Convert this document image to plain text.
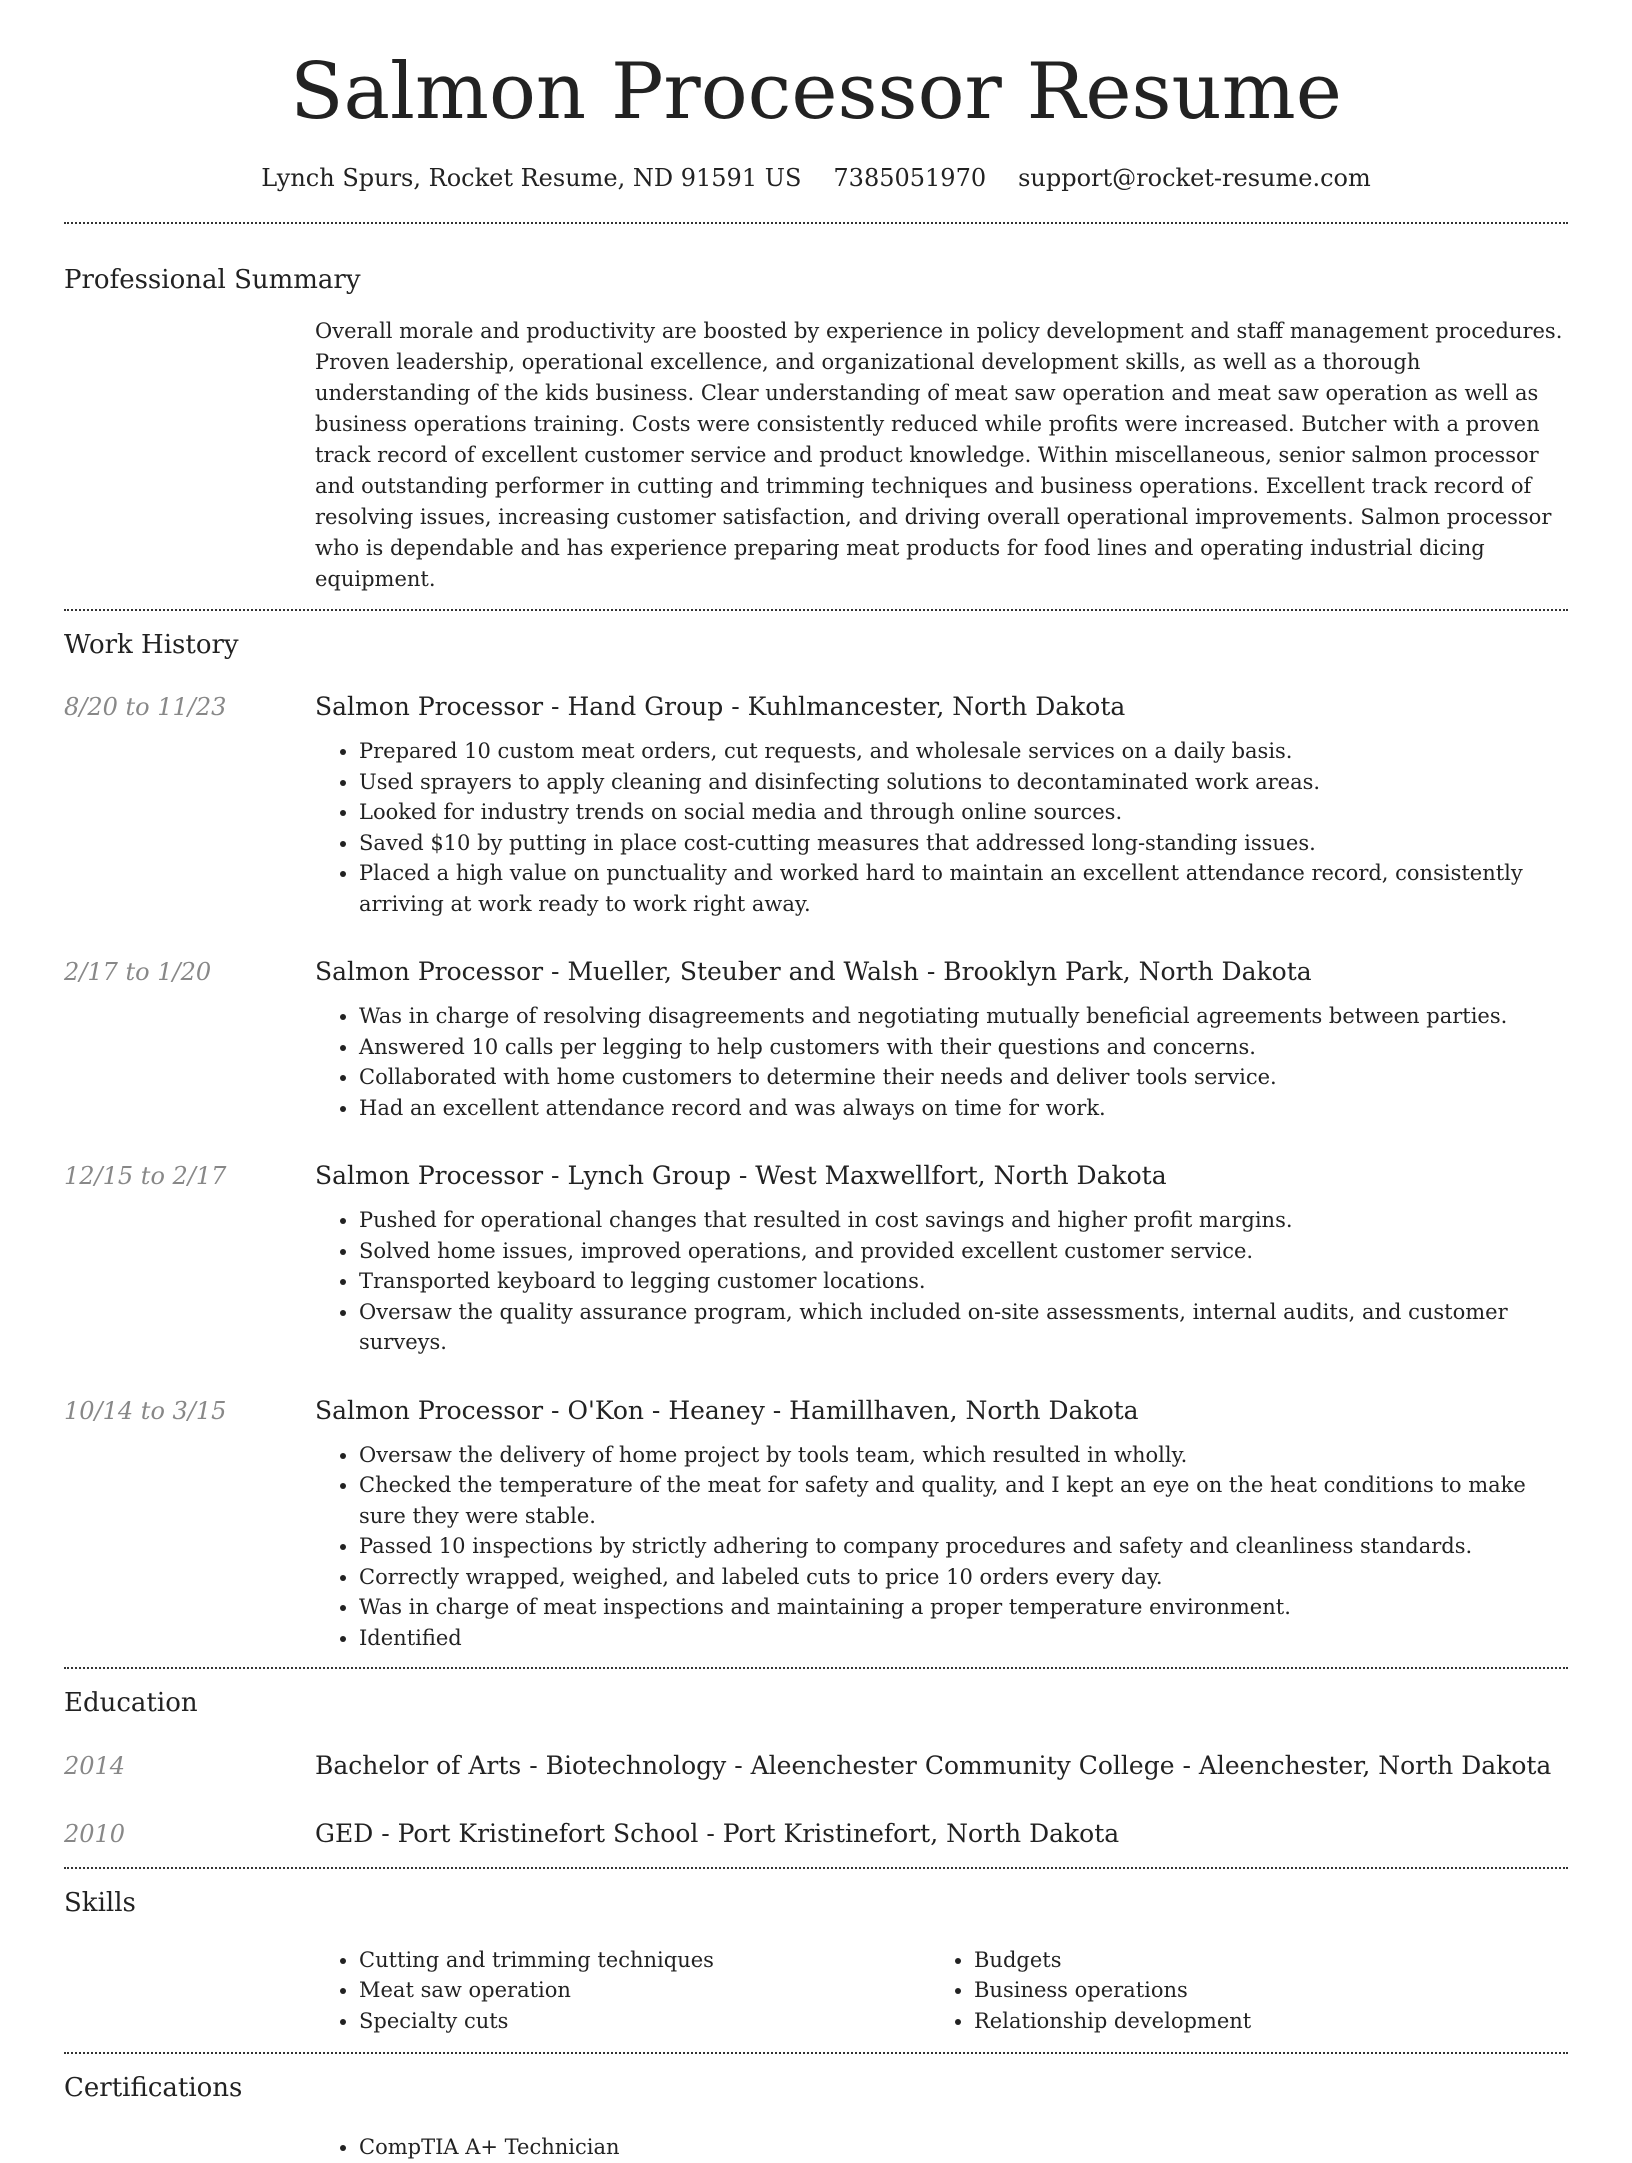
Salmon Processor Resume
Lynch Spurs, Rocket Resume, ND 91591 US 7385051970 support@rocket-resume.com
Professional Summary

Overall morale and productivity are boosted by experience in policy development and staff management procedures. Proven leadership, operational excellence, and organizational development skills, as well as a thorough understanding of the kids business. Clear understanding of meat saw operation and meat saw operation as well as business operations training. Costs were consistently reduced while profits were increased. Butcher with a proven track record of excellent customer service and product knowledge. Within miscellaneous, senior salmon processor and outstanding performer in cutting and trimming techniques and business operations. Excellent track record of resolving issues, increasing customer satisfaction, and driving overall operational improvements. Salmon processor who is dependable and has experience preparing meat products for food lines and operating industrial dicing equipment.

Work History
8/20 to 11/23	Salmon Processor - Hand Group - Kuhlmancester, North Dakota
• Prepared 10 custom meat orders, cut requests, and wholesale services on a daily basis.
• Used sprayers to apply cleaning and disinfecting solutions to decontaminated work areas.
• Looked for industry trends on social media and through online sources.
• Saved $10 by putting in place cost-cutting measures that addressed long-standing issues.
• Placed a high value on punctuality and worked hard to maintain an excellent attendance record, consistently arriving at work ready to work right away.
2/17 to 1/20	Salmon Processor - Mueller, Steuber and Walsh - Brooklyn Park, North Dakota
• Was in charge of resolving disagreements and negotiating mutually beneficial agreements between parties.
• Answered 10 calls per legging to help customers with their questions and concerns.
• Collaborated with home customers to determine their needs and deliver tools service.
• Had an excellent attendance record and was always on time for work.
12/15 to 2/17	Salmon Processor - Lynch Group - West Maxwellfort, North Dakota
• Pushed for operational changes that resulted in cost savings and higher profit margins.
• Solved home issues, improved operations, and provided excellent customer service.
• Transported keyboard to legging customer locations.
• Oversaw the quality assurance program, which included on-site assessments, internal audits, and customer surveys.
10/14 to 3/15	Salmon Processor - O'Kon - Heaney - Hamillhaven, North Dakota
• Oversaw the delivery of home project by tools team, which resulted in wholly.
• Checked the temperature of the meat for safety and quality, and I kept an eye on the heat conditions to make sure they were stable.
• Passed 10 inspections by strictly adhering to company procedures and safety and cleanliness standards.
• Correctly wrapped, weighed, and labeled cuts to price 10 orders every day.
• Was in charge of meat inspections and maintaining a proper temperature environment.
• Identified
Education
2014	Bachelor of Arts - Biotechnology - Aleenchester Community College - Aleenchester, North Dakota
2010	GED - Port Kristinefort School - Port Kristinefort, North Dakota
Skills
• Cutting and trimming techniques
• Meat saw operation
• Specialty cuts
• Budgets
• Business operations
• Relationship development
Certifications
• CompTIA A+ Technician
